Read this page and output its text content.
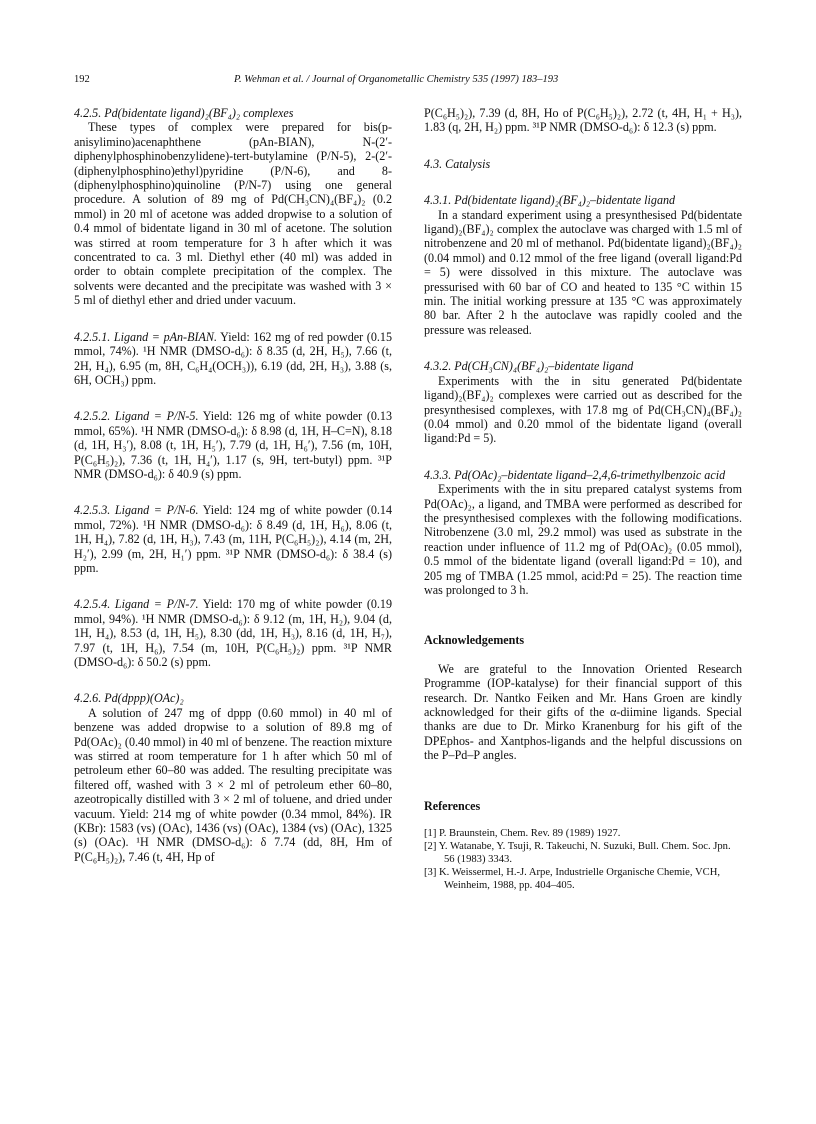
192	P. Wehman et al. / Journal of Organometallic Chemistry 535 (1997) 183–193

4.2.5. Pd(bidentate ligand)₂(BF₄)₂ complexes

These types of complex were prepared for bis(p-anisylimino)acenaphthene (pAn-BIAN), N-(2′-diphenylphosphinobenzylidene)-tert-butylamine (P/N-5), 2-(2′-(diphenylphosphino)ethyl)pyridine (P/N-6), and 8-(diphenylphosphino)quinoline (P/N-7) using one general procedure. A solution of 89 mg of Pd(CH₃CN)₄(BF₄)₂ (0.2 mmol) in 20 ml of acetone was added dropwise to a solution of 0.4 mmol of bidentate ligand in 30 ml of acetone. The solution was stirred at room temperature for 3 h after which it was concentrated to ca. 3 ml. Diethyl ether (40 ml) was added in order to obtain complete precipitation of the complex. The solvents were decanted and the precipitate was washed with 3 × 5 ml of diethyl ether and dried under vacuum.

4.2.5.1. Ligand = pAn-BIAN. Yield: 162 mg of red powder (0.15 mmol, 74%). ¹H NMR (DMSO-d₆): δ 8.35 (d, 2H, H₅), 7.66 (t, 2H, H₄), 6.95 (m, 8H, C₆H₄(OCH₃)), 6.19 (dd, 2H, H₃), 3.88 (s, 6H, OCH₃) ppm.

4.2.5.2. Ligand = P/N-5. Yield: 126 mg of white powder (0.13 mmol, 65%). ¹H NMR (DMSO-d₆): δ 8.98 (d, 1H, H–C=N), 8.18 (d, 1H, H₃′), 8.08 (t, 1H, H₅′), 7.79 (d, 1H, H₆′), 7.56 (m, 10H, P(C₆H₅)₂), 7.36 (t, 1H, H₄′), 1.17 (s, 9H, tert-butyl) ppm. ³¹P NMR (DMSO-d₆): δ 40.9 (s) ppm.

4.2.5.3. Ligand = P/N-6. Yield: 124 mg of white powder (0.14 mmol, 72%). ¹H NMR (DMSO-d₆): δ 8.49 (d, 1H, H₆), 8.06 (t, 1H, H₄), 7.82 (d, 1H, H₃), 7.43 (m, 11H, P(C₆H₅)₂), 4.14 (m, 2H, H₂′), 2.99 (m, 2H, H₁′) ppm. ³¹P NMR (DMSO-d₆): δ 38.4 (s) ppm.

4.2.5.4. Ligand = P/N-7. Yield: 170 mg of white powder (0.19 mmol, 94%). ¹H NMR (DMSO-d₆): δ 9.12 (m, 1H, H₂), 9.04 (d, 1H, H₄), 8.53 (d, 1H, H₅), 8.30 (dd, 1H, H₃), 8.16 (d, 1H, H₇), 7.97 (t, 1H, H₆), 7.54 (m, 10H, P(C₆H₅)₂) ppm. ³¹P NMR (DMSO-d₆): δ 50.2 (s) ppm.

4.2.6. Pd(dppp)(OAc)₂

A solution of 247 mg of dppp (0.60 mmol) in 40 ml of benzene was added dropwise to a solution of 89.8 mg of Pd(OAc)₂ (0.40 mmol) in 40 ml of benzene. The reaction mixture was stirred at room temperature for 1 h after which 50 ml of petroleum ether 60–80 was added. The resulting precipitate was filtered off, washed with 3 × 2 ml of petroleum ether 60–80, azeotropically distilled with 3 × 2 ml of toluene, and dried under vacuum. Yield: 214 mg of white powder (0.34 mmol, 84%). IR (KBr): 1583 (vs) (OAc), 1436 (vs) (OAc), 1384 (vs) (OAc), 1325 (s) (OAc). ¹H NMR (DMSO-d₆): δ 7.74 (dd, 8H, Hm of P(C₆H₅)₂), 7.46 (t, 4H, Hp of

P(C₆H₅)₂), 7.39 (d, 8H, Ho of P(C₆H₅)₂), 2.72 (t, 4H, H₁ + H₃), 1.83 (q, 2H, H₂) ppm. ³¹P NMR (DMSO-d₆): δ 12.3 (s) ppm.

4.3. Catalysis

4.3.1. Pd(bidentate ligand)₂(BF₄)₂–bidentate ligand

In a standard experiment using a presynthesised Pd(bidentate ligand)₂(BF₄)₂ complex the autoclave was charged with 1.5 ml of nitrobenzene and 20 ml of methanol. Pd(bidentate ligand)₂(BF₄)₂ (0.04 mmol) and 0.12 mmol of the free ligand (overall ligand:Pd = 5) were dissolved in this mixture. The autoclave was pressurised with 60 bar of CO and heated to 135 °C within 15 min. The initial working pressure at 135 °C was approximately 80 bar. After 2 h the autoclave was rapidly cooled and the pressure was released.

4.3.2. Pd(CH₃CN)₄(BF₄)₂–bidentate ligand

Experiments with the in situ generated Pd(bidentate ligand)₂(BF₄)₂ complexes were carried out as described for the presynthesised complexes, with 17.8 mg of Pd(CH₃CN)₄(BF₄)₂ (0.04 mmol) and 0.20 mmol of the bidentate ligand (overall ligand:Pd = 5).

4.3.3. Pd(OAc)₂–bidentate ligand–2,4,6-trimethylbenzoic acid

Experiments with the in situ prepared catalyst systems from Pd(OAc)₂, a ligand, and TMBA were performed as described for the presynthesised complexes with the following modifications. Nitrobenzene (3.0 ml, 29.2 mmol) was used as substrate in the reaction under influence of 11.2 mg of Pd(OAc)₂ (0.05 mmol), 0.5 mmol of the bidentate ligand (overall ligand:Pd = 10), and 205 mg of TMBA (1.25 mmol, acid:Pd = 25). The reaction time was prolonged to 3 h.

Acknowledgements

We are grateful to the Innovation Oriented Research Programme (IOP-katalyse) for their financial support of this research. Dr. Nantko Feiken and Mr. Hans Groen are kindly acknowledged for their gifts of the α-diimine ligands. Special thanks are due to Dr. Mirko Kranenburg for his gift of the DPEphos- and Xantphos-ligands and the helpful discussions on the P–Pd–P angles.

References

[1] P. Braunstein, Chem. Rev. 89 (1989) 1927.

[2] Y. Watanabe, Y. Tsuji, R. Takeuchi, N. Suzuki, Bull. Chem. Soc. Jpn. 56 (1983) 3343.

[3] K. Weissermel, H.-J. Arpe, Industrielle Organische Chemie, VCH, Weinheim, 1988, pp. 404–405.
